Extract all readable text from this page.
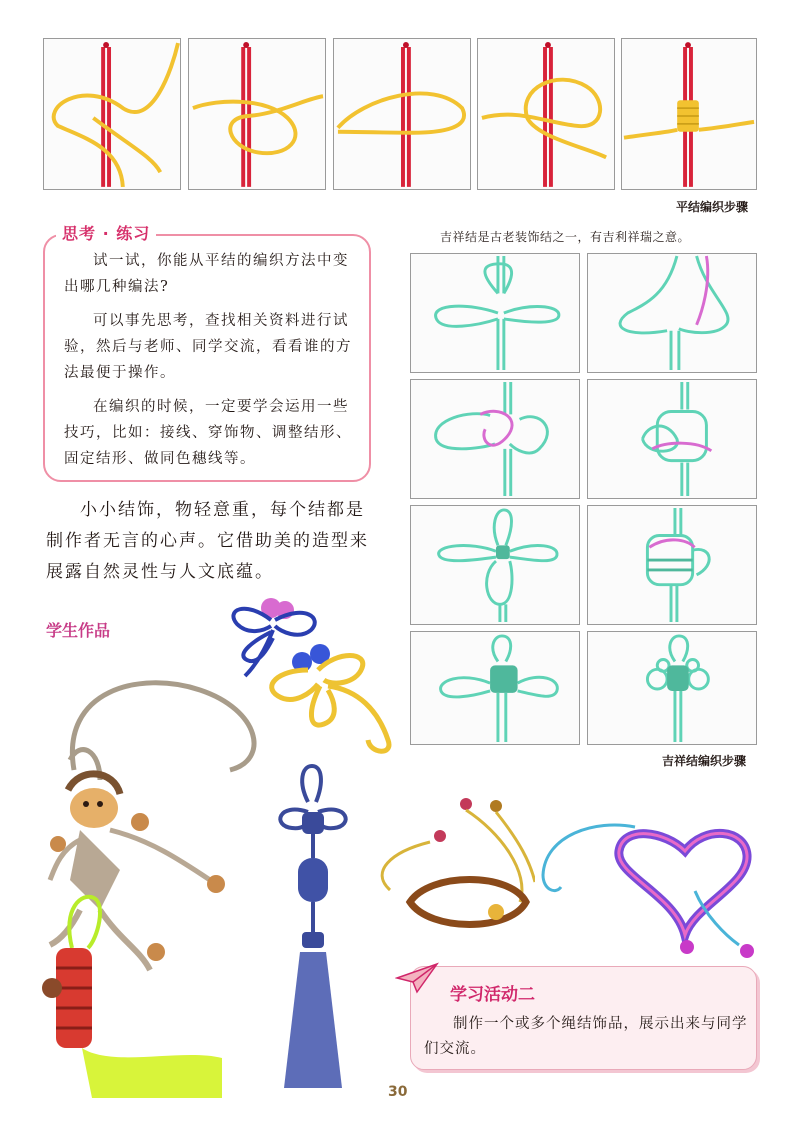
平结编织步骤
思考 · 练习

试一试，你能从平结的编织方法中变出哪几种编法?

可以事先思考，查找相关资料进行试验，然后与老师、同学交流，看看谁的方法最便于操作。

在编织的时候，一定要学会运用一些技巧，比如：接线、穿饰物、调整结形、固定结形、做同色穗线等。

小小结饰，物轻意重，每个结都是制作者无言的心声。它借助美的造型来展露自然灵性与人文底蕴。

学生作品
吉祥结是古老装饰结之一，有吉利祥瑞之意。
吉祥结编织步骤
学习活动二

制作一个或多个绳结饰品，展示出来与同学们交流。

30
